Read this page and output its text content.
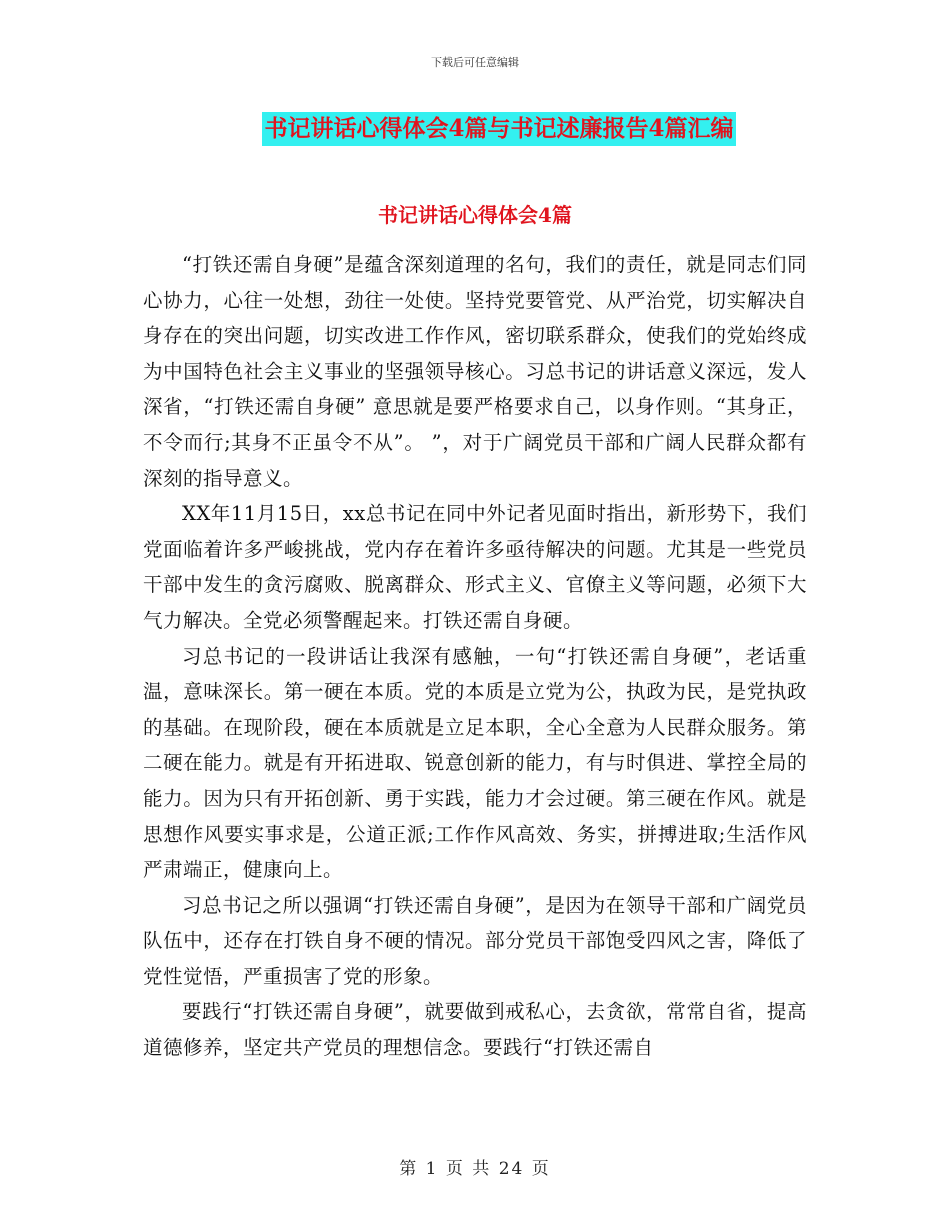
下载后可任意编辑
书记讲话心得体会4篇与书记述廉报告4篇汇编
书记讲话心得体会4篇

“打铁还需自身硬”是蕴含深刻道理的名句，我们的责任，就是同志们同心协力，心往一处想，劲往一处使。坚持党要管党、从严治党，切实解决自身存在的突出问题，切实改进工作作风，密切联系群众，使我们的党始终成为中国特色社会主义事业的坚强领导核心。习总书记的讲话意义深远，发人深省，“打铁还需自身硬” 意思就是要严格要求自己，以身作则。“其身正，不令而行;其身不正虽令不从”。 ”，对于广阔党员干部和广阔人民群众都有深刻的指导意义。

XX年11月15日，xx总书记在同中外记者见面时指出，新形势下，我们党面临着许多严峻挑战，党内存在着许多亟待解决的问题。尤其是一些党员干部中发生的贪污腐败、脱离群众、形式主义、官僚主义等问题，必须下大气力解决。全党必须警醒起来。打铁还需自身硬。

习总书记的一段讲话让我深有感触，一句“打铁还需自身硬”，老话重温，意味深长。第一硬在本质。党的本质是立党为公，执政为民，是党执政的基础。在现阶段，硬在本质就是立足本职，全心全意为人民群众服务。第二硬在能力。就是有开拓进取、锐意创新的能力，有与时俱进、掌控全局的能力。因为只有开拓创新、勇于实践，能力才会过硬。第三硬在作风。就是思想作风要实事求是，公道正派;工作作风高效、务实，拼搏进取;生活作风严肃端正，健康向上。

习总书记之所以强调“打铁还需自身硬”，是因为在领导干部和广阔党员队伍中，还存在打铁自身不硬的情况。部分党员干部饱受四风之害，降低了党性觉悟，严重损害了党的形象。

要践行“打铁还需自身硬”，就要做到戒私心，去贪欲，常常自省，提高道德修养，坚定共产党员的理想信念。要践行“打铁还需自

第 1 页 共 24 页
